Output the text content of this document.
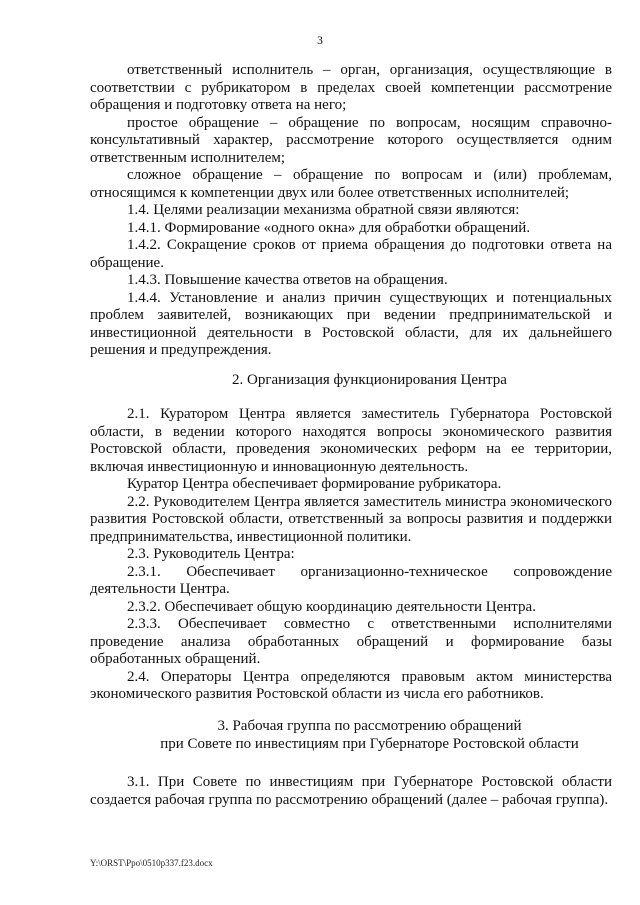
3

ответственный исполнитель – орган, организация, осуществляющие в соответствии с рубрикатором в пределах своей компетенции рассмотрение обращения и подготовку ответа на него;

простое обращение – обращение по вопросам, носящим справочно-консультативный характер, рассмотрение которого осуществляется одним ответственным исполнителем;

сложное обращение – обращение по вопросам и (или) проблемам, относящимся к компетенции двух или более ответственных исполнителей;

1.4. Целями реализации механизма обратной связи являются:

1.4.1. Формирование «одного окна» для обработки обращений.

1.4.2. Сокращение сроков от приема обращения до подготовки ответа на обращение.

1.4.3. Повышение качества ответов на обращения.

1.4.4. Установление и анализ причин существующих и потенциальных проблем заявителей, возникающих при ведении предпринимательской и инвестиционной деятельности в Ростовской области, для их дальнейшего решения и предупреждения.

2. Организация функционирования Центра

2.1. Куратором Центра является заместитель Губернатора Ростовской области, в ведении которого находятся вопросы экономического развития Ростовской области, проведения экономических реформ на ее территории, включая инвестиционную и инновационную деятельность.

Куратор Центра обеспечивает формирование рубрикатора.

2.2. Руководителем Центра является заместитель министра экономического развития Ростовской области, ответственный за вопросы развития и поддержки предпринимательства, инвестиционной политики.

2.3. Руководитель Центра:

2.3.1. Обеспечивает организационно-техническое сопровождение деятельности Центра.

2.3.2. Обеспечивает общую координацию деятельности Центра.

2.3.3. Обеспечивает совместно с ответственными исполнителями проведение анализа обработанных обращений и формирование базы обработанных обращений.

2.4. Операторы Центра определяются правовым актом министерства экономического развития Ростовской области из числа его работников.

3. Рабочая группа по рассмотрению обращений

при Совете по инвестициям при Губернаторе Ростовской области

3.1. При Совете по инвестициям при Губернаторе Ростовской области создается рабочая группа по рассмотрению обращений (далее – рабочая группа).

Y:\ORST\Ppo\0510p337.f23.docx
